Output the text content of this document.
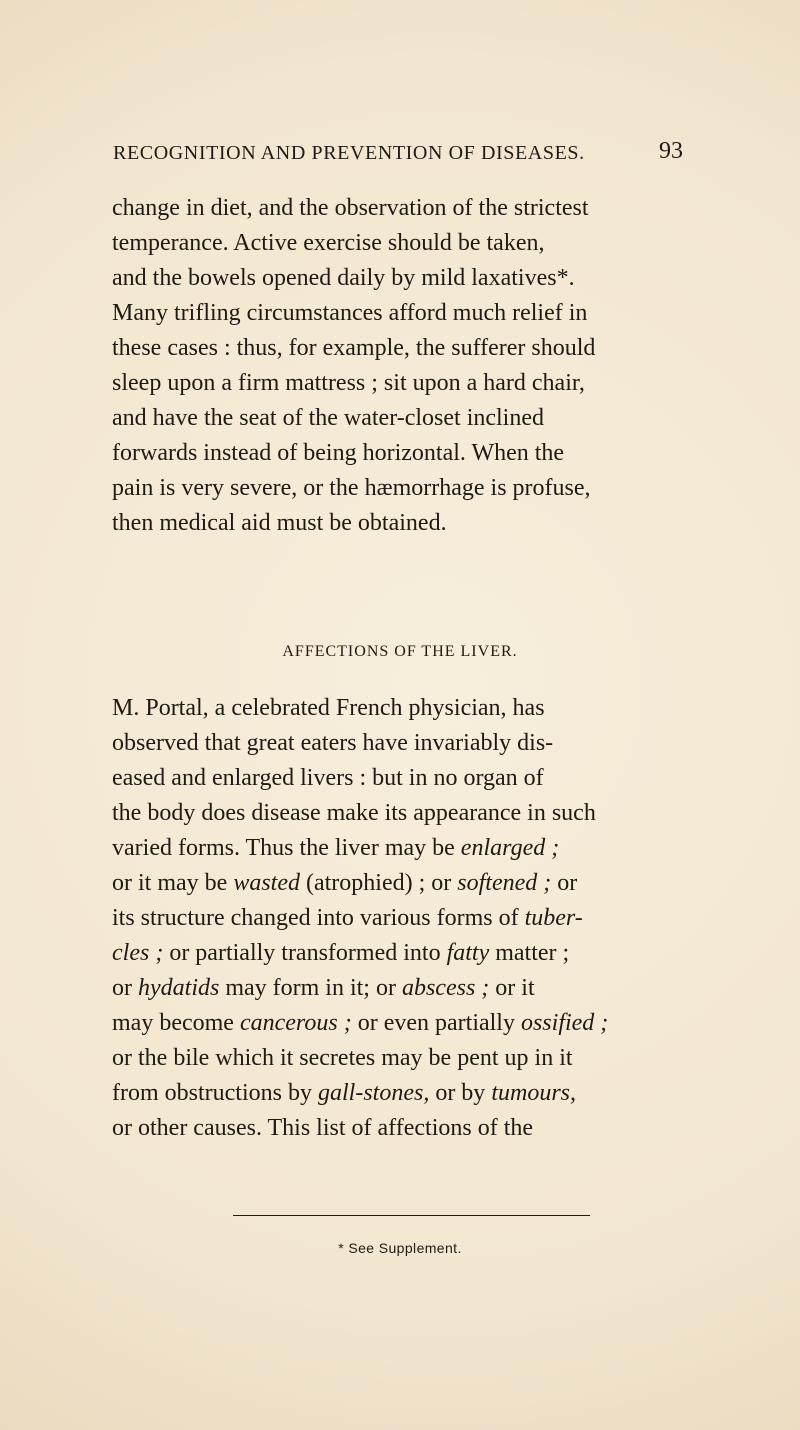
RECOGNITION AND PREVENTION OF DISEASES.	93
change in diet, and the observation of the strictest
temperance. Active exercise should be taken,
and the bowels opened daily by mild laxatives*.
Many trifling circumstances afford much relief in
these cases : thus, for example, the sufferer should
sleep upon a firm mattress ; sit upon a hard chair,
and have the seat of the water-closet inclined
forwards instead of being horizontal. When the
pain is very severe, or the hæmorrhage is profuse,
then medical aid must be obtained.
AFFECTIONS OF THE LIVER.
M. Portal, a celebrated French physician, has
observed that great eaters have invariably dis-
eased and enlarged livers : but in no organ of
the body does disease make its appearance in such
varied forms. Thus the liver may be enlarged ;
or it may be wasted (atrophied) ; or softened ; or
its structure changed into various forms of tuber-
cles ; or partially transformed into fatty matter ;
or hydatids may form in it; or abscess ; or it
may become cancerous ; or even partially ossified ;
or the bile which it secretes may be pent up in it
from obstructions by gall-stones, or by tumours,
or other causes. This list of affections of the
* See Supplement.
